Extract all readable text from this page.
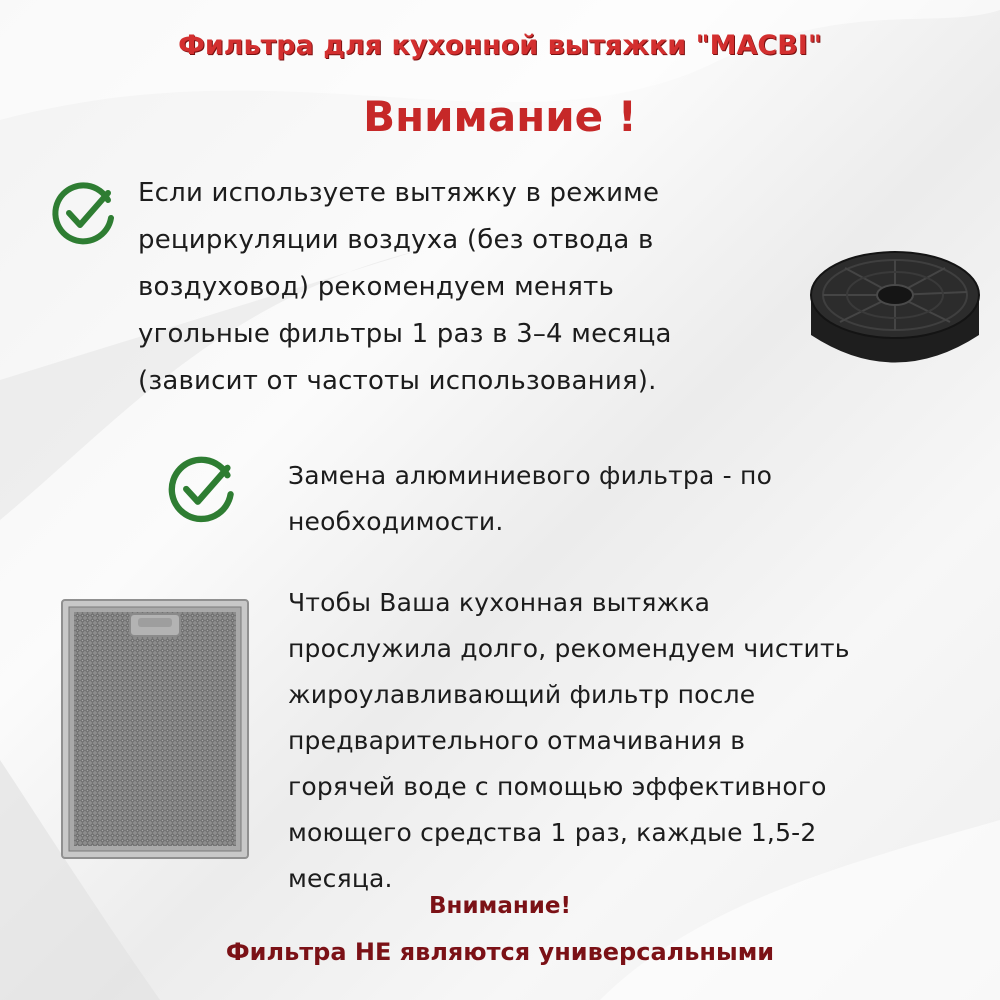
Фильтра для кухонной вытяжки "MACBI"
Внимание !
Если используете вытяжку в режиме
рециркуляции воздуха (без отвода в
воздуховод) рекомендуем менять
угольные фильтры 1 раз в 3–4 месяца
(зависит от частоты использования).
Замена алюминиевого фильтра - по
необходимости.
Чтобы Ваша кухонная вытяжка
прослужила долго, рекомендуем чистить
жироулавливающий фильтр после
предварительного отмачивания в
горячей воде с помощью эффективного
моющего средства 1 раз, каждые 1,5-2
месяца.
Внимание!
Фильтра НЕ являются универсальными
